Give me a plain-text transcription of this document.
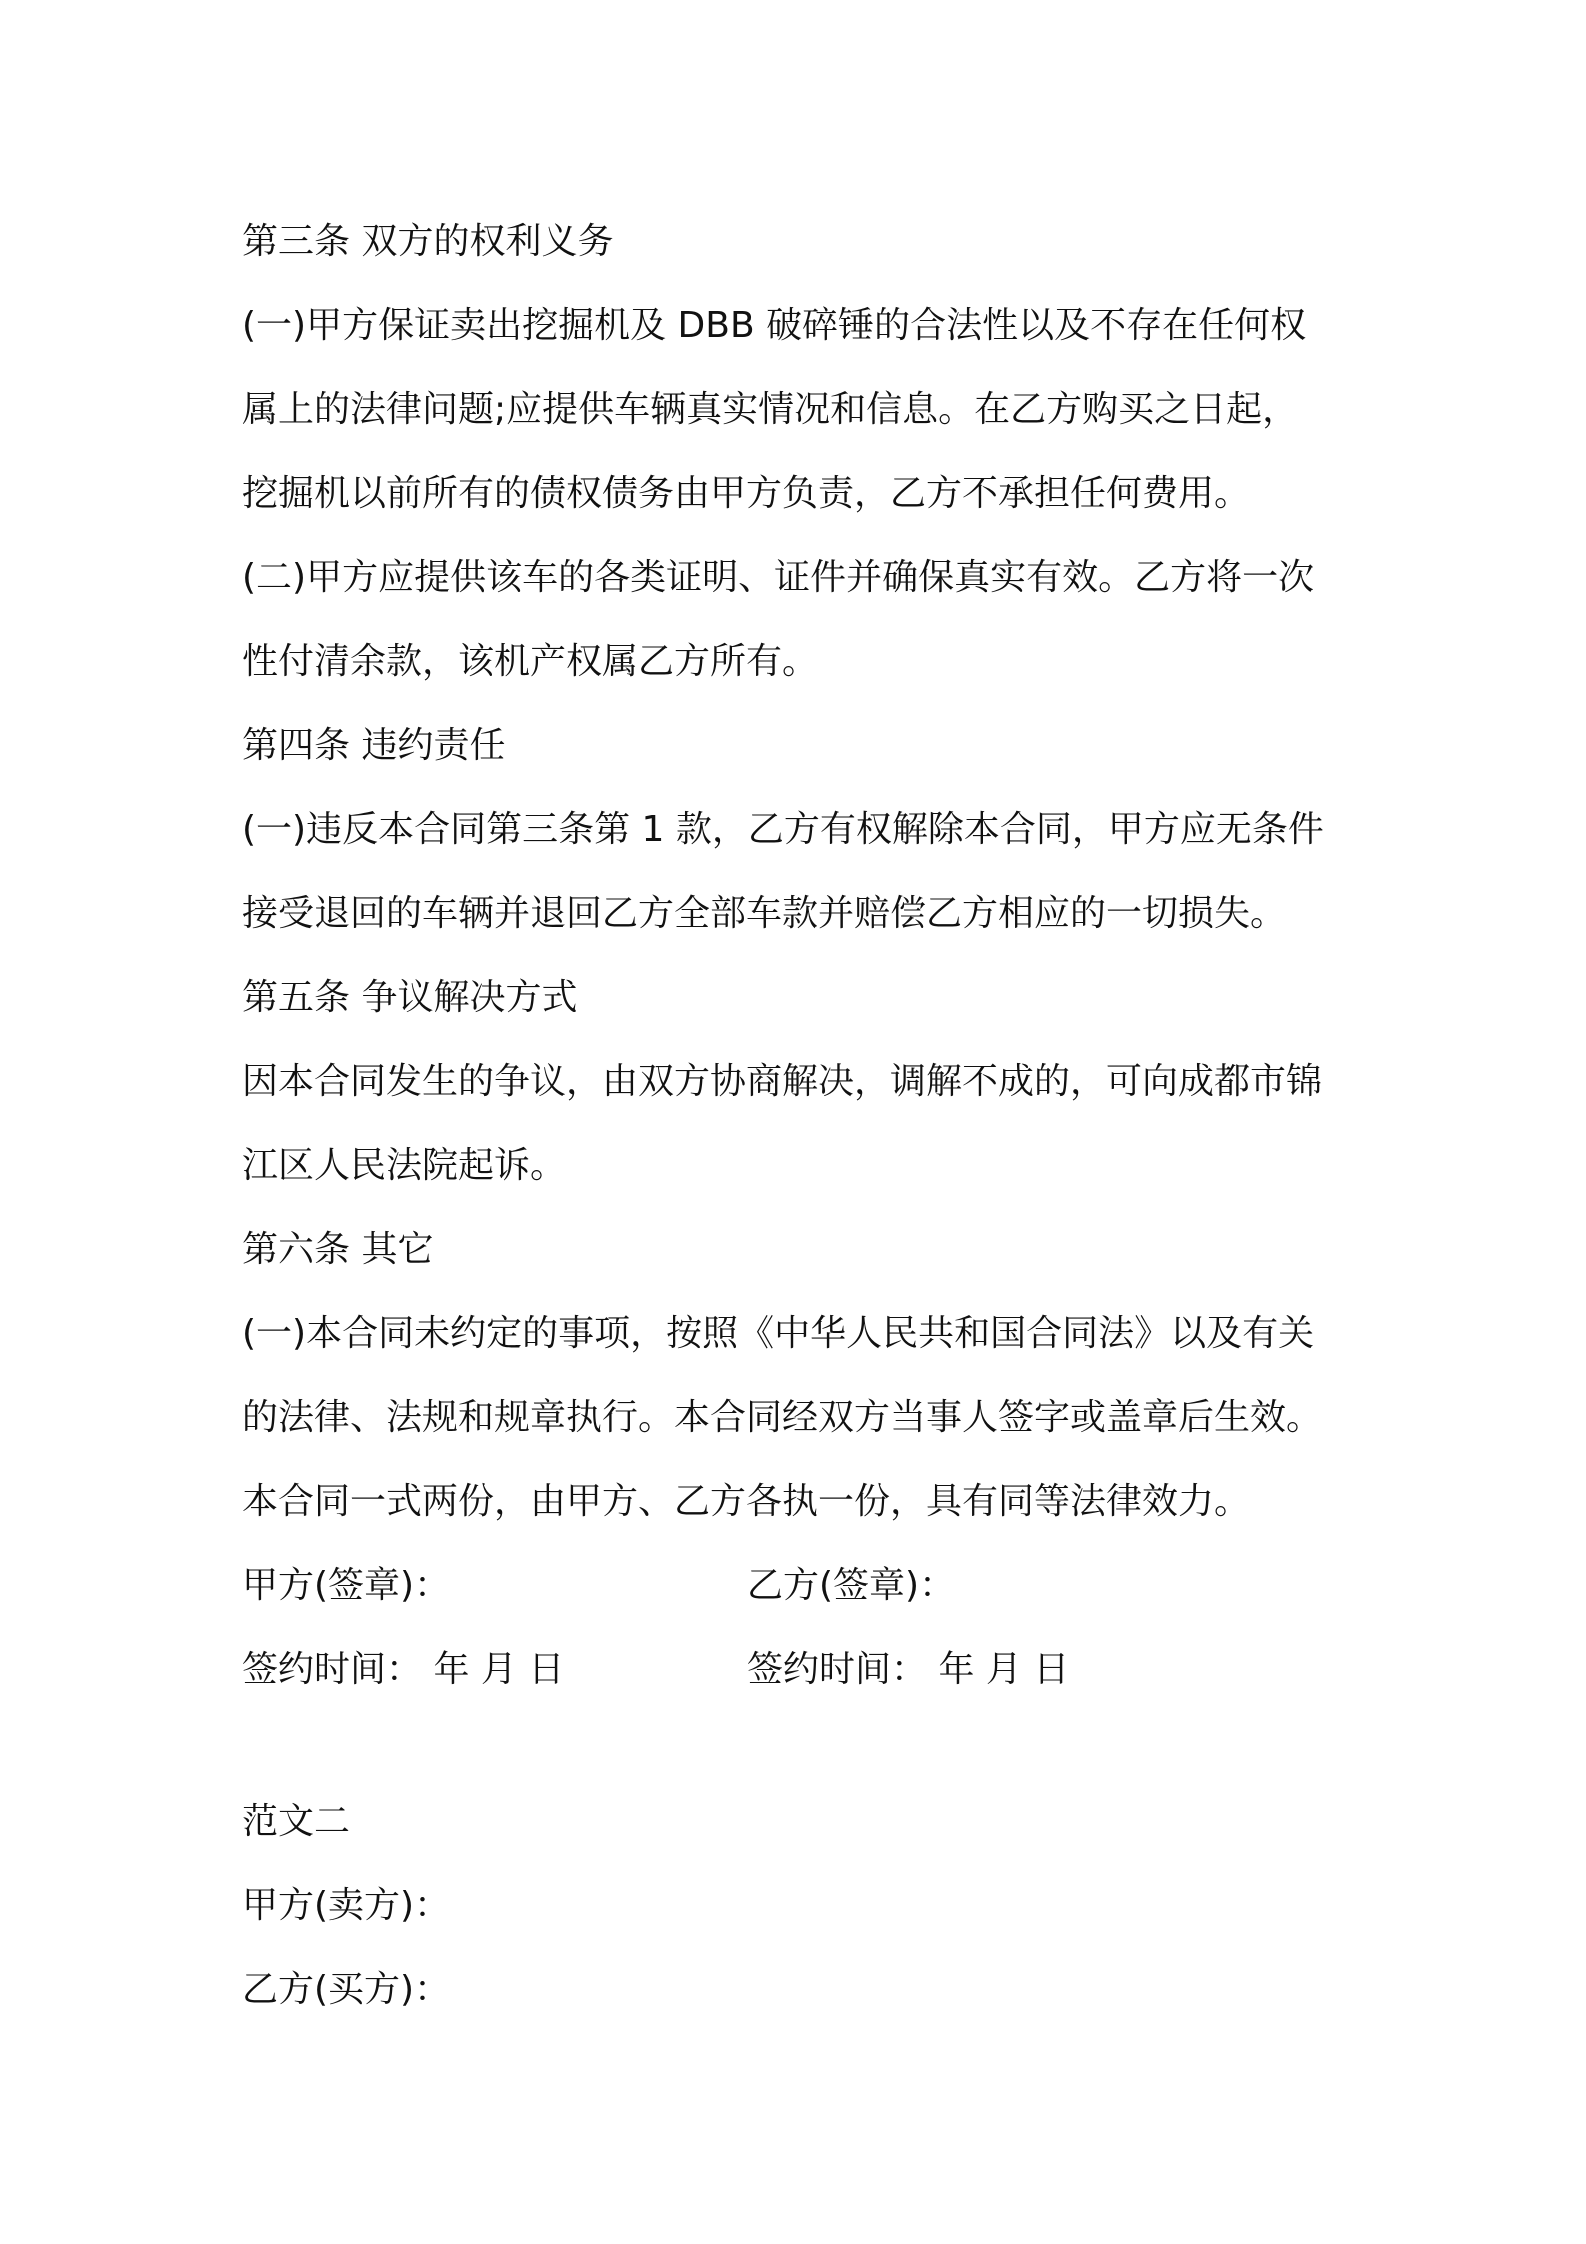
第三条 双方的权利义务
(一)甲方保证卖出挖掘机及 DBB 破碎锤的合法性以及不存在任何权
属上的法律问题;应提供车辆真实情况和信息。在乙方购买之日起，
挖掘机以前所有的债权债务由甲方负责，乙方不承担任何费用。
(二)甲方应提供该车的各类证明、证件并确保真实有效。乙方将一次
性付清余款，该机产权属乙方所有。
第四条 违约责任
(一)违反本合同第三条第 1 款，乙方有权解除本合同，甲方应无条件
接受退回的车辆并退回乙方全部车款并赔偿乙方相应的一切损失。
第五条 争议解决方式
因本合同发生的争议，由双方协商解决，调解不成的，可向成都市锦
江区人民法院起诉。
第六条 其它
(一)本合同未约定的事项，按照《中华人民共和国合同法》以及有关
的法律、法规和规章执行。本合同经双方当事人签字或盖章后生效。
本合同一式两份，由甲方、乙方各执一份，具有同等法律效力。
甲方(签章)：	乙方(签章)：
签约时间： 年 月 日	签约时间： 年 月 日
范文二
甲方(卖方)：
乙方(买方)：
